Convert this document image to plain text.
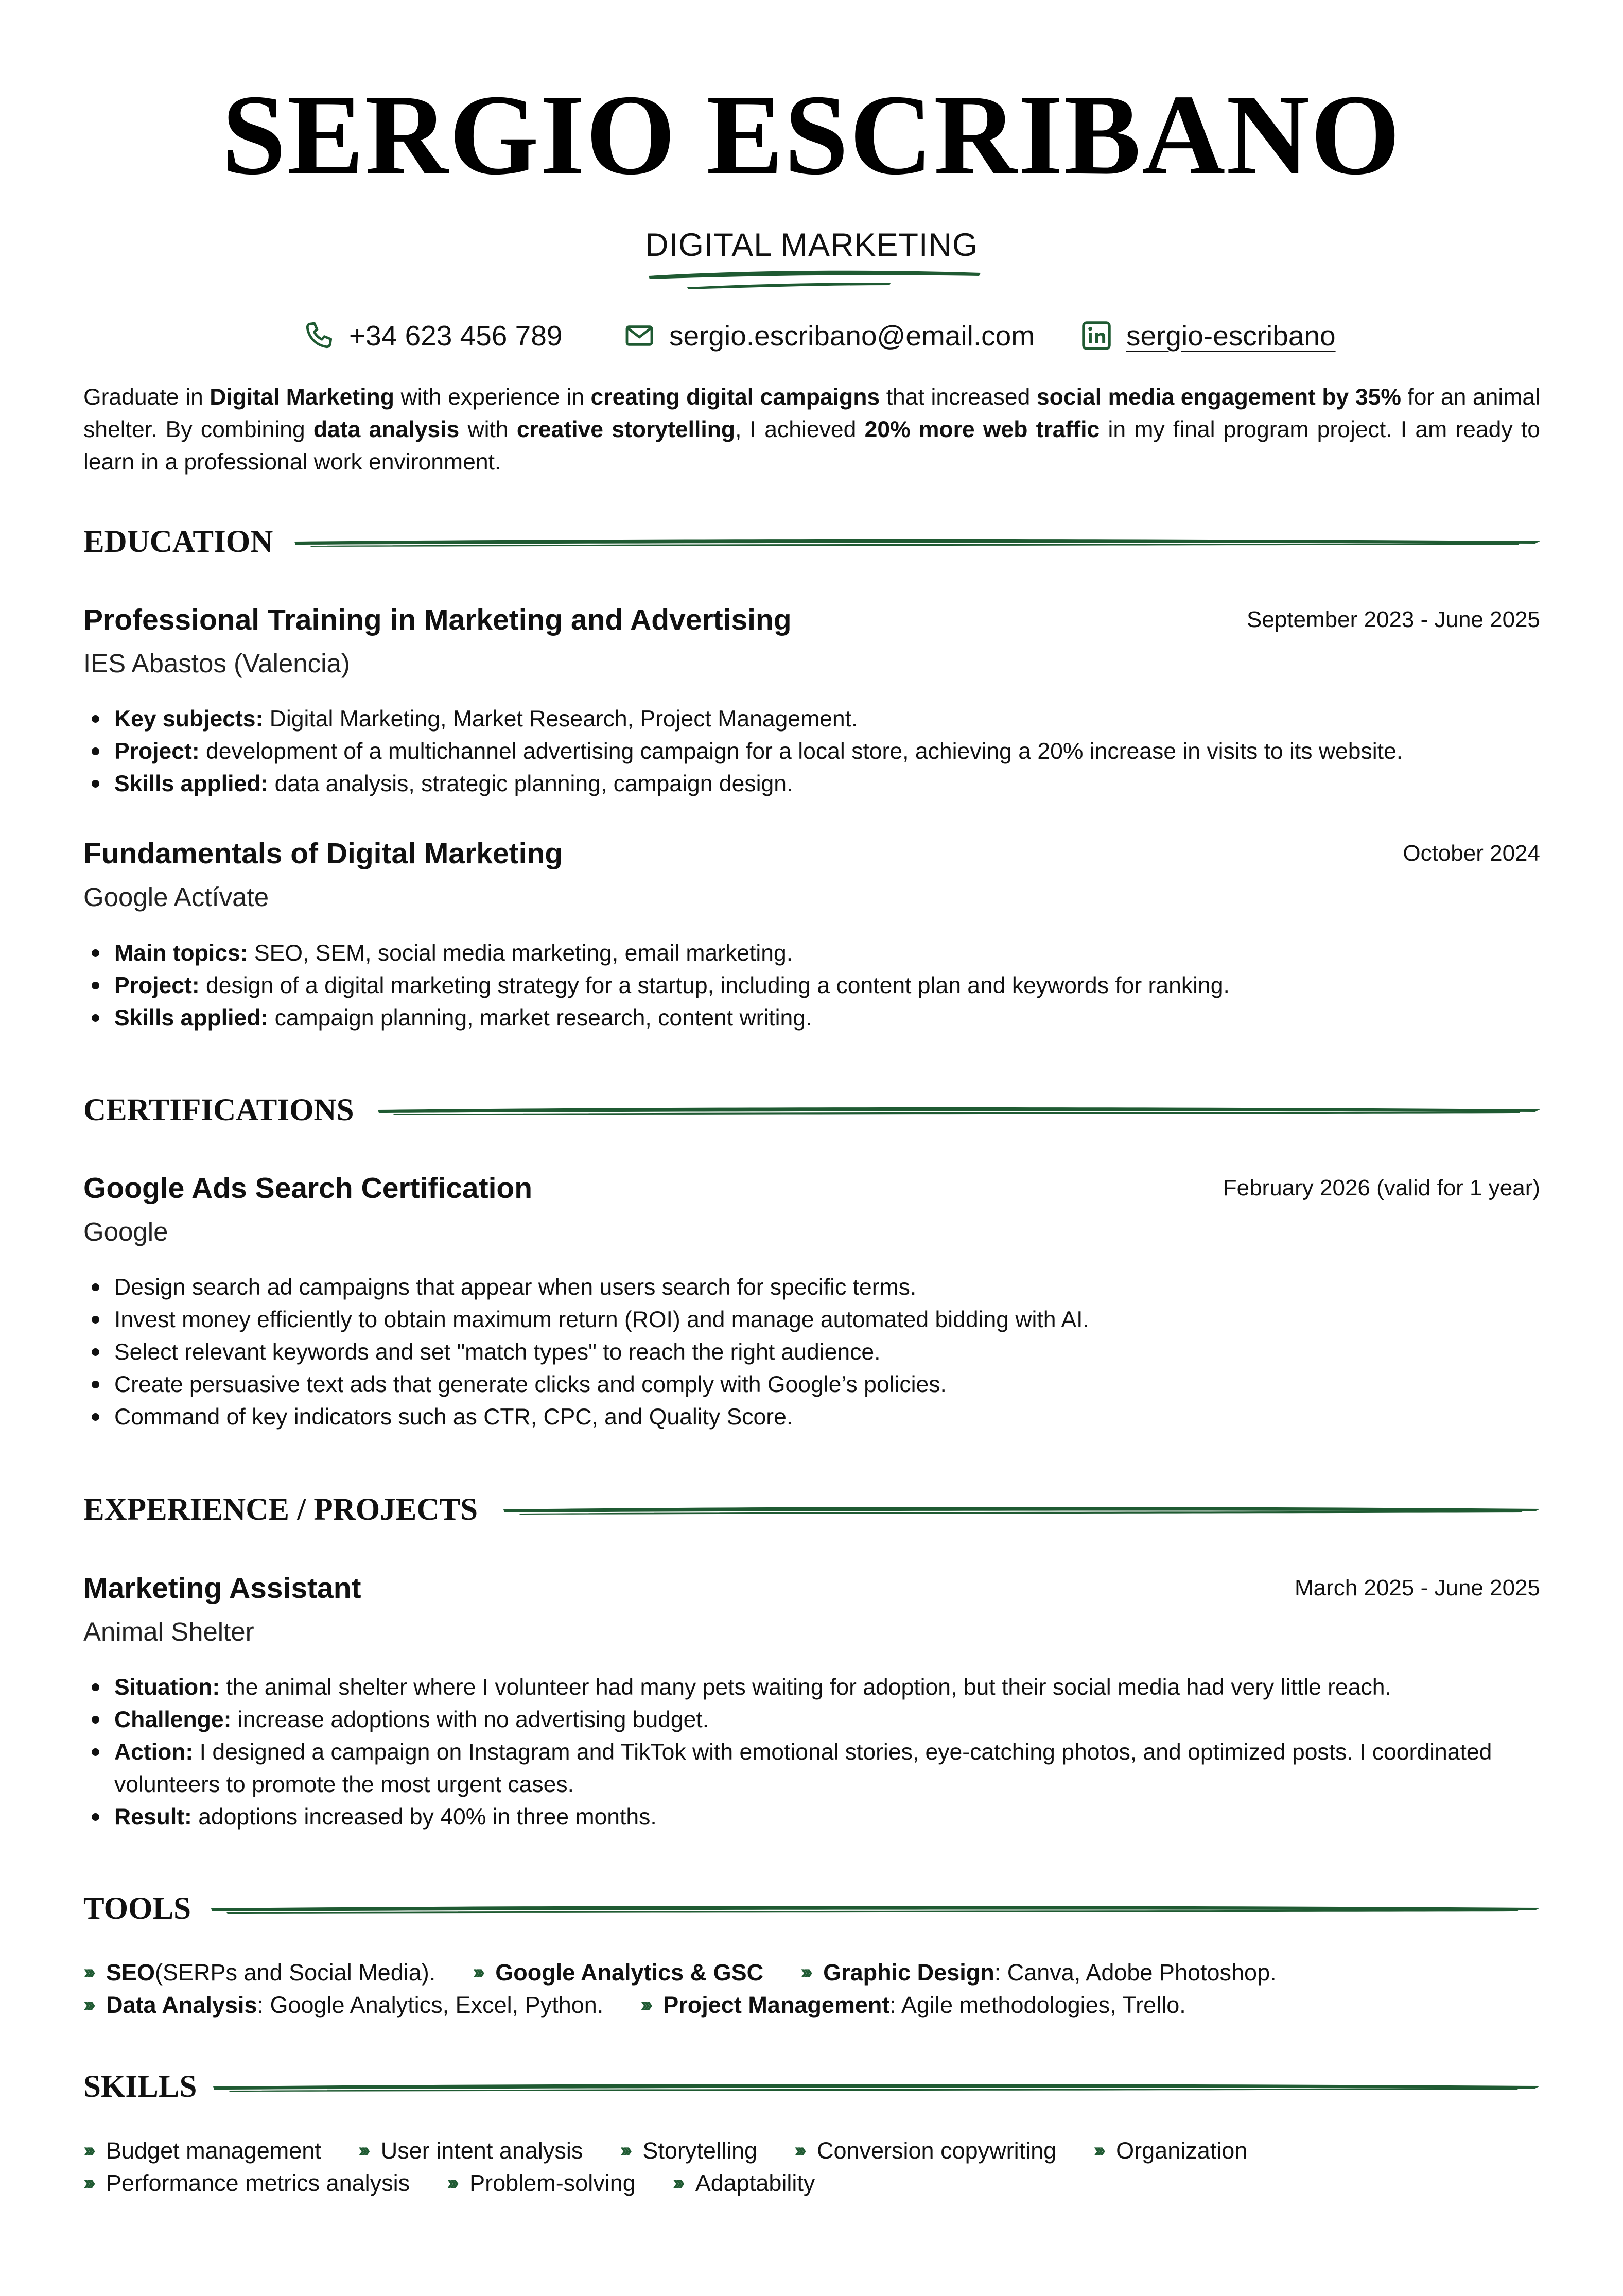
SERGIO ESCRIBANO
DIGITAL MARKETING
+34 623 456 789	sergio.escribano@email.com	sergio-escribano
Graduate in Digital Marketing with experience in creating digital campaigns that increased social media engagement by 35% for an animal shelter. By combining data analysis with creative storytelling, I achieved 20% more web traffic in my final program project. I am ready to learn in a professional work environment.
EDUCATION
Professional Training in Marketing and Advertising	September 2023 - June 2025
IES Abastos (Valencia)
Key subjects: Digital Marketing, Market Research, Project Management.
Project: development of a multichannel advertising campaign for a local store, achieving a 20% increase in visits to its website.
Skills applied: data analysis, strategic planning, campaign design.
Fundamentals of Digital Marketing	October 2024
Google Actívate
Main topics: SEO, SEM, social media marketing, email marketing.
Project: design of a digital marketing strategy for a startup, including a content plan and keywords for ranking.
Skills applied: campaign planning, market research, content writing.
CERTIFICATIONS
Google Ads Search Certification	February 2026 (valid for 1 year)
Google
Design search ad campaigns that appear when users search for specific terms.
Invest money efficiently to obtain maximum return (ROI) and manage automated bidding with AI.
Select relevant keywords and set "match types" to reach the right audience.
Create persuasive text ads that generate clicks and comply with Google’s policies.
Command of key indicators such as CTR, CPC, and Quality Score.
EXPERIENCE / PROJECTS
Marketing Assistant	March 2025 - June 2025
Animal Shelter
Situation: the animal shelter where I volunteer had many pets waiting for adoption, but their social media had very little reach.
Challenge: increase adoptions with no advertising budget.
Action: I designed a campaign on Instagram and TikTok with emotional stories, eye-catching photos, and optimized posts. I coordinated volunteers to promote the most urgent cases.
Result: adoptions increased by 40% in three months.
TOOLS
››› SEO (SERPs and Social Media). ››› Google Analytics & GSC ››› Graphic Design : Canva, Adobe Photoshop.
››› Data Analysis : Google Analytics, Excel, Python. ››› Project Management : Agile methodologies, Trello.
SKILLS
››› Budget management ››› User intent analysis ››› Storytelling ››› Conversion copywriting ››› Organization
››› Performance metrics analysis ››› Problem-solving ››› Adaptability
